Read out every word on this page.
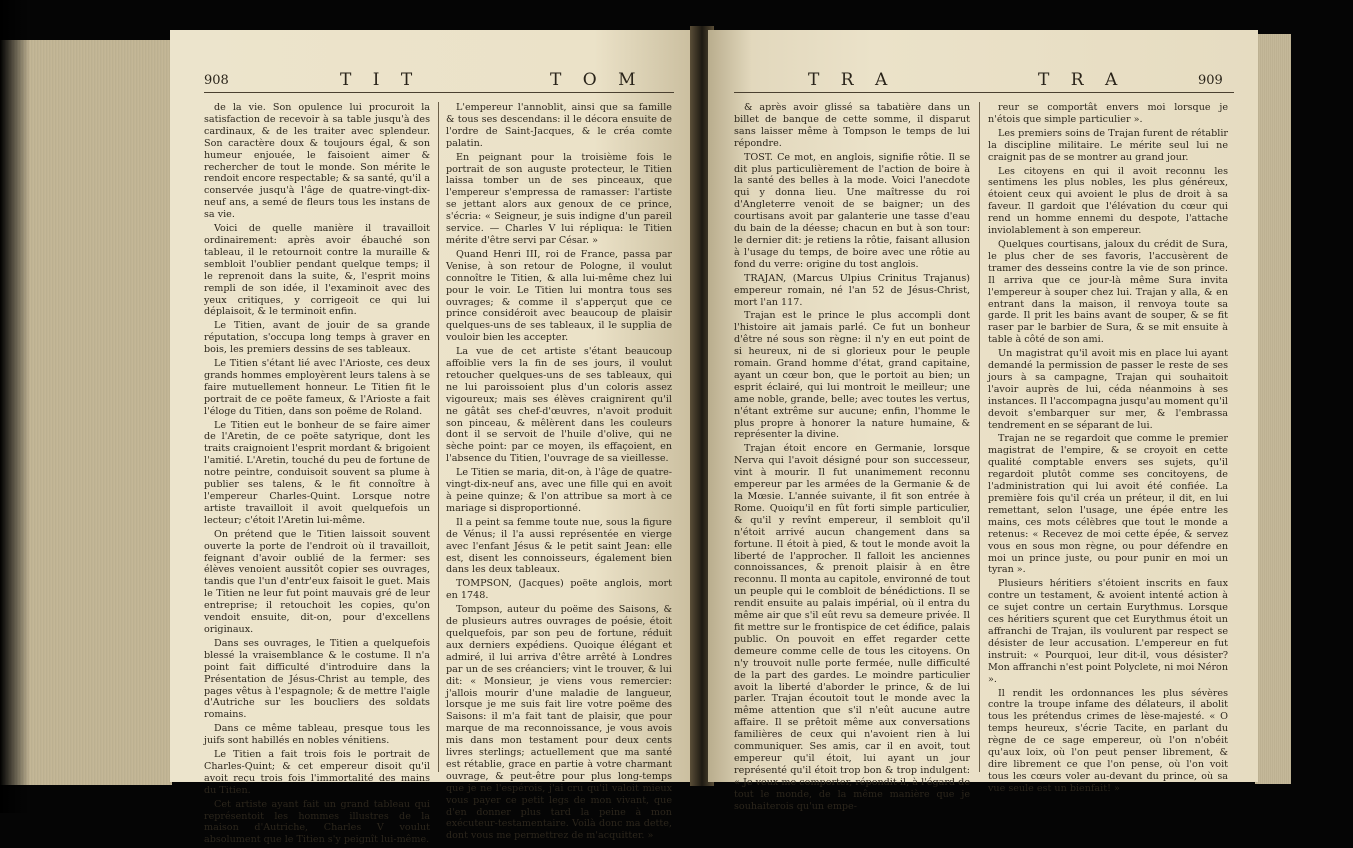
908	T I T	T O M

de la vie. Son opulence lui procuroit la satisfaction de recevoir à sa table jusqu'à des cardinaux, & de les traiter avec splendeur. Son caractère doux & toujours égal, & son humeur enjouée, le faisoient aimer & rechercher de tout le monde. Son mérite le rendoit encore respectable; & sa santé, qu'il a conservée jusqu'à l'âge de quatre-vingt-dix-neuf ans, a semé de fleurs tous les instans de sa vie.

Voici de quelle manière il travailloit ordinairement: après avoir ébauché son tableau, il le retournoit contre la muraille & sembloit l'oublier pendant quelque temps; il le reprenoit dans la suite, &, l'esprit moins rempli de son idée, il l'examinoit avec des yeux critiques, y corrigeoit ce qui lui déplaisoit, & le terminoit enfin.

Le Titien, avant de jouir de sa grande réputation, s'occupa long temps à graver en bois, les premiers dessins de ses tableaux.

Le Titien s'étant lié avec l'Arioste, ces deux grands hommes employèrent leurs talens à se faire mutuellement honneur. Le Titien fit le portrait de ce poëte fameux, & l'Arioste a fait l'éloge du Titien, dans son poëme de Roland.

Le Titien eut le bonheur de se faire aimer de l'Aretin, de ce poëte satyrique, dont les traits craignoient l'esprit mordant & brigoient l'amitié. L'Aretin, touché du peu de fortune de notre peintre, conduisoit souvent sa plume à publier ses talens, & le fit connoître à l'empereur Charles-Quint. Lorsque notre artiste travailloit il avoit quelquefois un lecteur; c'étoit l'Aretin lui-même.

On prétend que le Titien laissoit souvent ouverte la porte de l'endroit où il travailloit, feignant d'avoir oublié de la fermer: ses élèves venoient aussitôt copier ses ouvrages, tandis que l'un d'entr'eux faisoit le guet. Mais le Titien ne leur fut point mauvais gré de leur entreprise; il retouchoit les copies, qu'on vendoit ensuite, dit-on, pour d'excellens originaux.

Dans ses ouvrages, le Titien a quelquefois blessé la vraisemblance & le costume. Il n'a point fait difficulté d'introduire dans la Présentation de Jésus-Christ au temple, des pages vêtus à l'espagnole; & de mettre l'aigle d'Autriche sur les boucliers des soldats romains.

Dans ce même tableau, presque tous les juifs sont habillés en nobles vénitiens.

Le Titien a fait trois fois le portrait de Charles-Quint; & cet empereur disoit qu'il avoit reçu trois fois l'immortalité des mains du Titien.

Cet artiste ayant fait un grand tableau qui représentoit les hommes illustres de la maison d'Autriche, Charles V voulut absolument que le Titien s'y peignît lui-même.

L'empereur l'annoblit, ainsi que sa famille & tous ses descendans: il le décora ensuite de l'ordre de Saint-Jacques, & le créa comte palatin.

En peignant pour la troisième fois le portrait de son auguste protecteur, le Titien laissa tomber un de ses pinceaux, que l'empereur s'empressa de ramasser: l'artiste se jettant alors aux genoux de ce prince, s'écria: « Seigneur, je suis indigne d'un pareil service. — Charles V lui répliqua: le Titien mérite d'être servi par César. »

Quand Henri III, roi de France, passa par Venise, à son retour de Pologne, il voulut connoître le Titien, & alla lui-même chez lui pour le voir. Le Titien lui montra tous ses ouvrages; & comme il s'apperçut que ce prince considéroit avec beaucoup de plaisir quelques-uns de ses tableaux, il le supplia de vouloir bien les accepter.

La vue de cet artiste s'étant beaucoup affoiblie vers la fin de ses jours, il voulut retoucher quelques-uns de ses tableaux, qui ne lui paroissoient plus d'un coloris assez vigoureux; mais ses élèves craignirent qu'il ne gâtât ses chef-d'œuvres, n'avoit produit son pinceau, & mêlèrent dans les couleurs dont il se servoit de l'huile d'olive, qui ne sèche point: par ce moyen, ils effaçoient, en l'absence du Titien, l'ouvrage de sa vieillesse.

Le Titien se maria, dit-on, à l'âge de quatre-vingt-dix-neuf ans, avec une fille qui en avoit à peine quinze; & l'on attribue sa mort à ce mariage si disproportionné.

Il a peint sa femme toute nue, sous la figure de Vénus; il l'a aussi représentée en vierge avec l'enfant Jésus & le petit saint Jean: elle est, disent les connoisseurs, également bien dans les deux tableaux.

TOMPSON, (Jacques) poëte anglois, mort en 1748.

Tompson, auteur du poëme des Saisons, & de plusieurs autres ouvrages de poésie, étoit quelquefois, par son peu de fortune, réduit aux derniers expédiens. Quoique élégant et admiré, il lui arriva d'être arrêté à Londres par un de ses créanciers; vint le trouver, & lui dit: « Monsieur, je viens vous remercier: j'allois mourir d'une maladie de langueur, lorsque je me suis fait lire votre poëme des Saisons: il m'a fait tant de plaisir, que pour marque de ma reconnoissance, je vous avois mis dans mon testament pour deux cents livres sterlings; actuellement que ma santé est rétablie, grace en partie à votre charmant ouvrage, & peut-être pour plus long-temps que je ne l'espérois, j'ai cru qu'il valoit mieux vous payer ce petit legs de mon vivant, que d'en donner plus tard la peine à mon exécuteur-testamentaire. Voilà donc ma dette, dont vous me permettrez de m'acquitter. »

T R A	T R A	909

& après avoir glissé sa tabatière dans un billet de banque de cette somme, il disparut sans laisser même à Tompson le temps de lui répondre.

TOST. Ce mot, en anglois, signifie rôtie. Il se dit plus particulièrement de l'action de boire à la santé des belles à la mode. Voici l'anecdote qui y donna lieu. Une maîtresse du roi d'Angleterre venoit de se baigner; un des courtisans avoit par galanterie une tasse d'eau du bain de la déesse; chacun en but à son tour: le dernier dit: je retiens la rôtie, faisant allusion à l'usage du temps, de boire avec une rôtie au fond du verre: origine du tost anglois.

TRAJAN, (Marcus Ulpius Crinitus Trajanus) empereur romain, né l'an 52 de Jésus-Christ, mort l'an 117.

Trajan est le prince le plus accompli dont l'histoire ait jamais parlé. Ce fut un bonheur d'être né sous son règne: il n'y en eut point de si heureux, ni de si glorieux pour le peuple romain. Grand homme d'état, grand capitaine, ayant un cœur bon, que le portoit au bien; un esprit éclairé, qui lui montroit le meilleur; une ame noble, grande, belle; avec toutes les vertus, n'étant extrême sur aucune; enfin, l'homme le plus propre à honorer la nature humaine, & représenter la divine.

Trajan étoit encore en Germanie, lorsque Nerva qui l'avoit désigné pour son successeur, vint à mourir. Il fut unanimement reconnu empereur par les armées de la Germanie & de la Mœsie. L'année suivante, il fit son entrée à Rome. Quoiqu'il en fût forti simple particulier, & qu'il y revînt empereur, il sembloit qu'il n'étoit arrivé aucun changement dans sa fortune. Il étoit à pied, & tout le monde avoit la liberté de l'approcher. Il falloit les anciennes connoissances, & prenoit plaisir à en être reconnu. Il monta au capitole, environné de tout un peuple qui le combloit de bénédictions. Il se rendit ensuite au palais impérial, où il entra du même air que s'il eût revu sa demeure privée. Il fit mettre sur le frontispice de cet édifice, palais public. On pouvoit en effet regarder cette demeure comme celle de tous les citoyens. On n'y trouvoit nulle porte fermée, nulle difficulté de la part des gardes. Le moindre particulier avoit la liberté d'aborder le prince, & de lui parler. Trajan écoutoit tout le monde avec la même attention que s'il n'eût aucune autre affaire. Il se prêtoit même aux conversations familières de ceux qui n'avoient rien à lui communiquer. Ses amis, car il en avoit, tout empereur qu'il étoit, lui ayant un jour représenté qu'il étoit trop bon & trop indulgent: « Je veux me comporter, répondit-il, à l'égard de tout le monde, de la même manière que je souhaiterois qu'un empe-

reur se comportât envers moi lorsque je n'étois que simple particulier ».

Les premiers soins de Trajan furent de rétablir la discipline militaire. Le mérite seul lui ne craignit pas de se montrer au grand jour.

Les citoyens en qui il avoit reconnu les sentimens les plus nobles, les plus généreux, étoient ceux qui avoient le plus de droit à sa faveur. Il gardoit que l'élévation du cœur qui rend un homme ennemi du despote, l'attache inviolablement à son empereur.

Quelques courtisans, jaloux du crédit de Sura, le plus cher de ses favoris, l'accusèrent de tramer des desseins contre la vie de son prince. Il arriva que ce jour-là même Sura invita l'empereur à souper chez lui. Trajan y alla, & en entrant dans la maison, il renvoya toute sa garde. Il prit les bains avant de souper, & se fit raser par le barbier de Sura, & se mit ensuite à table à côté de son ami.

Un magistrat qu'il avoit mis en place lui ayant demandé la permission de passer le reste de ses jours à sa campagne, Trajan qui souhaitoit l'avoir auprès de lui, céda néanmoins à ses instances. Il l'accompagna jusqu'au moment qu'il devoit s'embarquer sur mer, & l'embrassa tendrement en se séparant de lui.

Trajan ne se regardoit que comme le premier magistrat de l'empire, & se croyoit en cette qualité comptable envers ses sujets, qu'il regardoit plutôt comme ses concitoyens, de l'administration qui lui avoit été confiée. La première fois qu'il créa un préteur, il dit, en lui remettant, selon l'usage, une épée entre les mains, ces mots célèbres que tout le monde a retenus: « Recevez de moi cette épée, & servez vous en sous mon règne, ou pour défendre en moi un prince juste, ou pour punir en moi un tyran ».

Plusieurs héritiers s'étoient inscrits en faux contre un testament, & avoient intenté action à ce sujet contre un certain Eurythmus. Lorsque ces héritiers sçurent que cet Eurythmus étoit un affranchi de Trajan, ils voulurent par respect se désister de leur accusation. L'empereur en fut instruit: « Pourquoi, leur dit-il, vous désister? Mon affranchi n'est point Polyclete, ni moi Néron ».

Il rendit les ordonnances les plus sévères contre la troupe infame des délateurs, il abolit tous les prétendus crimes de lèse-majesté. « O temps heureux, s'écrie Tacite, en parlant du règne de ce sage empereur, où l'on n'obéit qu'aux loix, où l'on peut penser librement, & dire librement ce que l'on pense, où l'on voit tous les cœurs voler au-devant du prince, où sa vue seule est un bienfait! »
